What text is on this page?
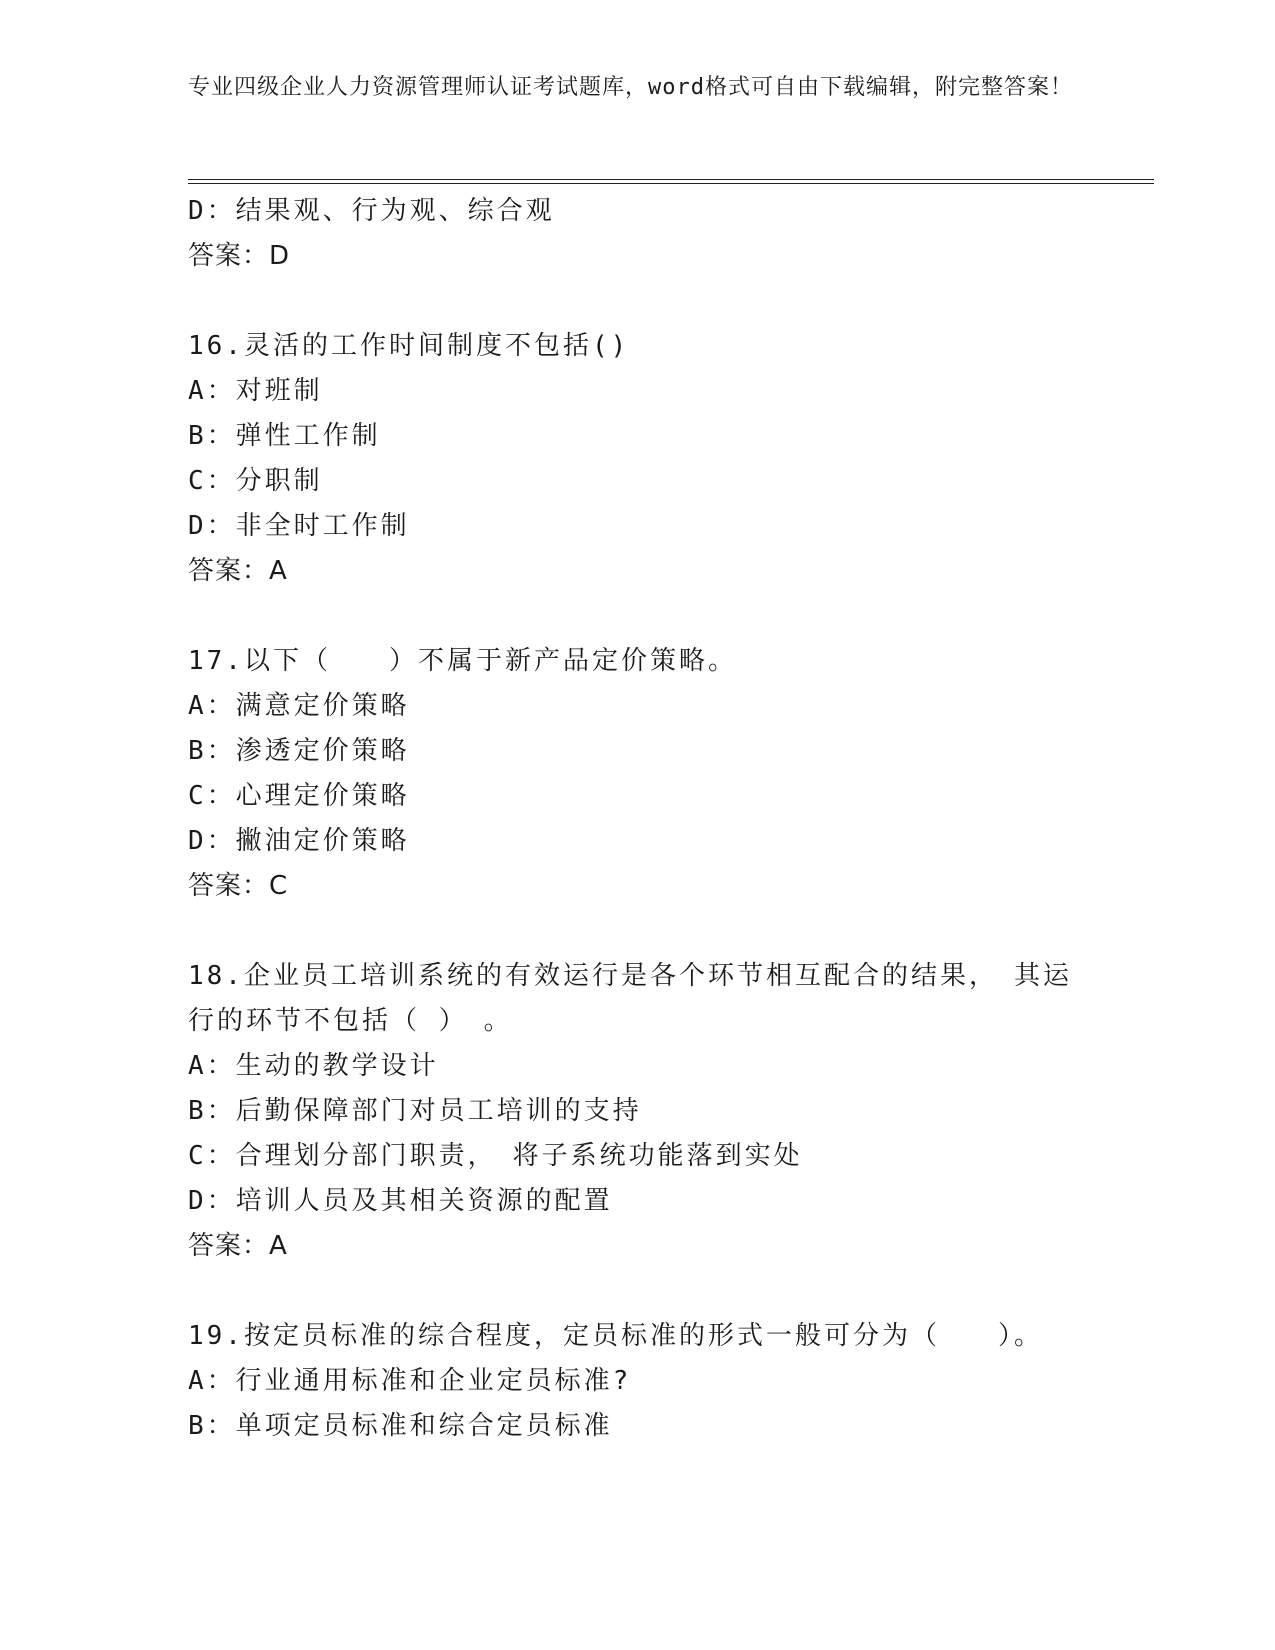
专业四级企业人力资源管理师认证考试题库，word格式可自由下载编辑，附完整答案！
D：结果观、行为观、综合观
答案：D
16.灵活的工作时间制度不包括()
A：对班制
B：弹性工作制
C：分职制
D：非全时工作制
答案：A
17.以下（　　）不属于新产品定价策略。
A：满意定价策略
B：渗透定价策略
C：心理定价策略
D：撇油定价策略
答案：C
18.企业员工培训系统的有效运行是各个环节相互配合的结果，　其运
行的环节不包括（ ）　。
A：生动的教学设计
B：后勤保障部门对员工培训的支持
C：合理划分部门职责，　将子系统功能落到实处
D：培训人员及其相关资源的配置
答案：A
19.按定员标准的综合程度，定员标准的形式一般可分为（　　）。
A：行业通用标准和企业定员标准?
B：单项定员标准和综合定员标准
